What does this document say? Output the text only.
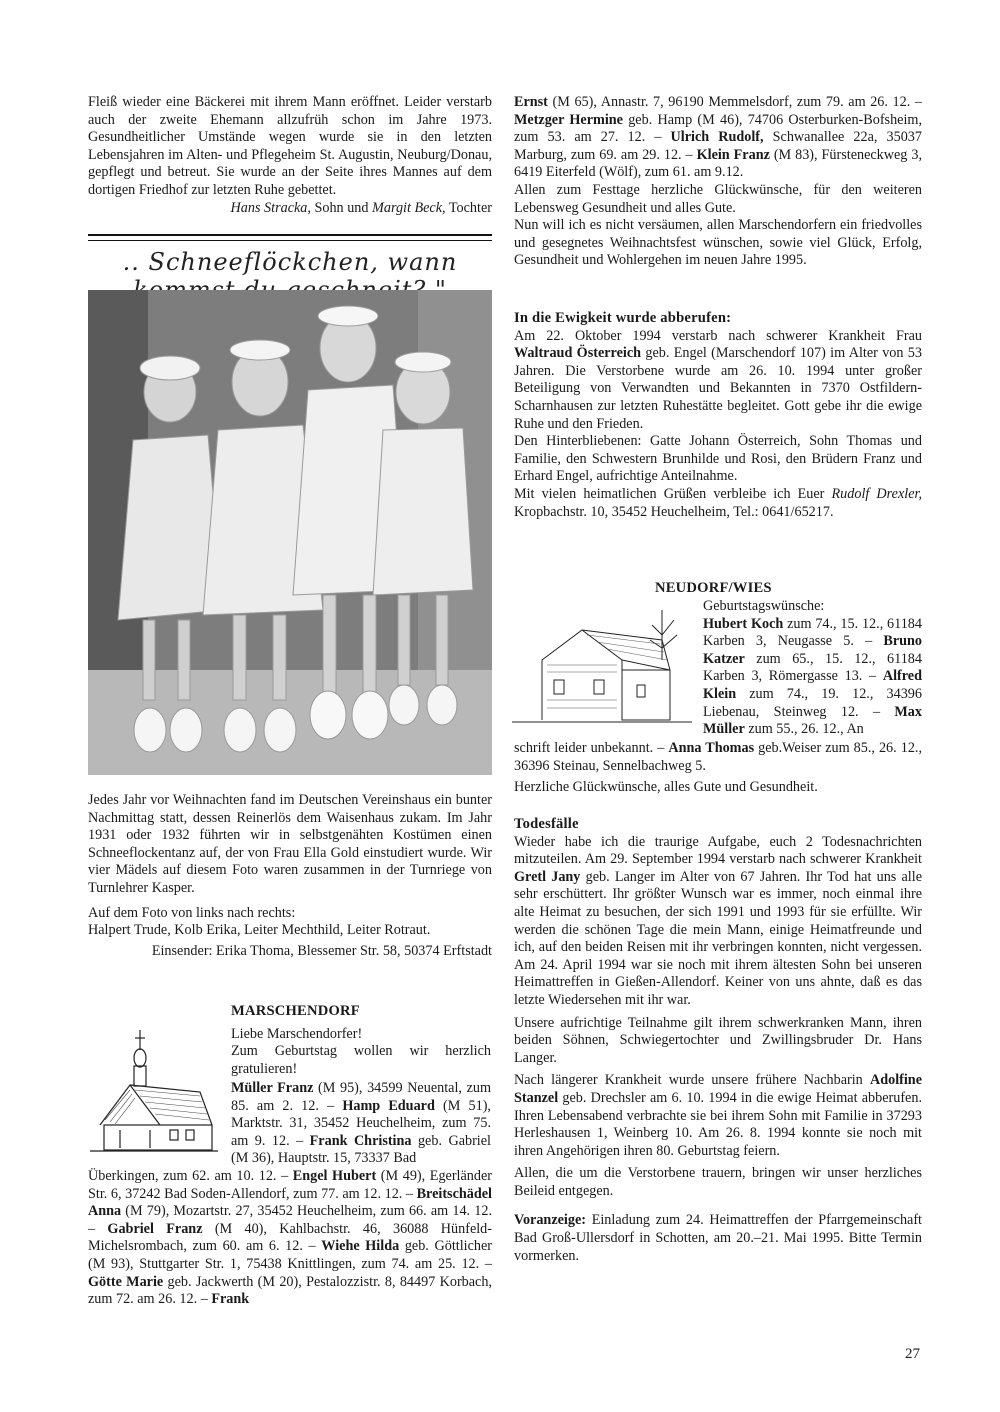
Fleiß wieder eine Bäckerei mit ihrem Mann eröffnet. Leider verstarb auch der zweite Ehemann allzufrüh schon im Jahre 1973. Gesundheitlicher Umstände wegen wurde sie in den letzten Lebensjahren im Alten- und Pflegeheim St. Augustin, Neuburg/Donau, gepflegt und betreut. Sie wurde an der Seite ihres Mannes auf dem dortigen Friedhof zur letzten Ruhe gebettet.

Hans Stracka, Sohn und Margit Beck, Tochter

.. Schneeflöckchen, wann

Jedes Jahr vor Weihnachten fand im Deutschen Vereinshaus ein bunter Nachmittag statt, dessen Reinerlös dem Waisenhaus zukam. Im Jahr 1931 oder 1932 führten wir in selbstgenähten Kostümen einen Schneeflockentanz auf, der von Frau Ella Gold einstudiert wurde. Wir vier Mädels auf diesem Foto waren zusammen in der Turnriege von Turnlehrer Kasper.

Auf dem Foto von links nach rechts:

Halpert Trude, Kolb Erika, Leiter Mechthild, Leiter Rotraut.

Einsender: Erika Thoma, Blessemer Str. 58, 50374 Erftstadt

MARSCHENDORF

Liebe Marschendorfer!

Zum Geburtstag wollen wir herzlich gratulieren!

Müller Franz (M 95), 34599 Neuental, zum 85. am 2. 12. – Hamp Eduard (M 51), Marktstr. 31, 35452 Heuchelheim, zum 75. am 9. 12. – Frank Christina geb. Gabriel (M 36), Hauptstr. 15, 73337 Bad

Überkingen, zum 62. am 10. 12. – Engel Hubert (M 49), Egerländer Str. 6, 37242 Bad Soden-Allendorf, zum 77. am 12. 12. – Breitschädel Anna (M 79), Mozartstr. 27, 35452 Heuchelheim, zum 66. am 14. 12. – Gabriel Franz (M 40), Kahlbachstr. 46, 36088 Hünfeld-Michelsrombach, zum 60. am 6. 12. – Wiehe Hilda geb. Göttlicher (M 93), Stuttgarter Str. 1, 75438 Knittlingen, zum 74. am 25. 12. – Götte Marie geb. Jackwerth (M 20), Pestalozzistr. 8, 84497 Korbach, zum 72. am 26. 12. – Frank

Ernst (M 65), Annastr. 7, 96190 Memmelsdorf, zum 79. am 26. 12. – Metzger Hermine geb. Hamp (M 46), 74706 Osterburken-Bofsheim, zum 53. am 27. 12. – Ulrich Rudolf, Schwanallee 22a, 35037 Marburg, zum 69. am 29. 12. – Klein Franz (M 83), Fürsteneckweg 3, 6419 Eiterfeld (Wölf), zum 61. am 9.12.

Allen zum Festtage herzliche Glückwünsche, für den weiteren Lebensweg Gesundheit und alles Gute.

Nun will ich es nicht versäumen, allen Marschendorfern ein friedvolles und gesegnetes Weihnachtsfest wünschen, sowie viel Glück, Erfolg, Gesundheit und Wohlergehen im neuen Jahre 1995.

In die Ewigkeit wurde abberufen:

Am 22. Oktober 1994 verstarb nach schwerer Krankheit Frau Waltraud Österreich geb. Engel (Marschendorf 107) im Alter von 53 Jahren. Die Verstorbene wurde am 26. 10. 1994 unter großer Beteiligung von Verwandten und Bekannten in 7370 Ostfildern-Scharnhausen zur letzten Ruhestätte begleitet. Gott gebe ihr die ewige Ruhe und den Frieden.

Den Hinterbliebenen: Gatte Johann Österreich, Sohn Thomas und Familie, den Schwestern Brunhilde und Rosi, den Brüdern Franz und Erhard Engel, aufrichtige Anteilnahme.

Mit vielen heimatlichen Grüßen verbleibe ich Euer Rudolf Drexler, Kropbachstr. 10, 35452 Heuchelheim, Tel.: 0641/65217.

NEUDORF/WIES

Geburtstagswünsche:

Hubert Koch zum 74., 15. 12., 61184 Karben 3, Neugasse 5. – Bruno Katzer zum 65., 15. 12., 61184 Karben 3, Römergasse 13. – Alfred Klein zum 74., 19. 12., 34396 Liebenau, Steinweg 12. – Max Müller zum 55., 26. 12., An

schrift leider unbekannt. – Anna Thomas geb.Weiser zum 85., 26. 12., 36396 Steinau, Sennelbachweg 5.

Herzliche Glückwünsche, alles Gute und Gesundheit.

Todesfälle

Wieder habe ich die traurige Aufgabe, euch 2 Todesnachrichten mitzuteilen. Am 29. September 1994 verstarb nach schwerer Krankheit Gretl Jany geb. Langer im Alter von 67 Jahren. Ihr Tod hat uns alle sehr erschüttert. Ihr größter Wunsch war es immer, noch einmal ihre alte Heimat zu besuchen, der sich 1991 und 1993 für sie erfüllte. Wir werden die schönen Tage die mein Mann, einige Heimatfreunde und ich, auf den beiden Reisen mit ihr verbringen konnten, nicht vergessen. Am 24. April 1994 war sie noch mit ihrem ältesten Sohn bei unseren Heimattreffen in Gießen-Allendorf. Keiner von uns ahnte, daß es das letzte Wiedersehen mit ihr war.

Unsere aufrichtige Teilnahme gilt ihrem schwerkranken Mann, ihren beiden Söhnen, Schwiegertochter und Zwillingsbruder Dr. Hans Langer.

Nach längerer Krankheit wurde unsere frühere Nachbarin Adolfine Stanzel geb. Drechsler am 6. 10. 1994 in die ewige Heimat abberufen. Ihren Lebensabend verbrachte sie bei ihrem Sohn mit Familie in 37293 Herleshausen 1, Weinberg 10. Am 26. 8. 1994 konnte sie noch mit ihren Angehörigen ihren 80. Geburtstag feiern.

Allen, die um die Verstorbene trauern, bringen wir unser herzliches Beileid entgegen.

Voranzeige: Einladung zum 24. Heimattreffen der Pfarrgemeinschaft Bad Groß-Ullersdorf in Schotten, am 20.–21. Mai 1995. Bitte Termin vormerken.

27
